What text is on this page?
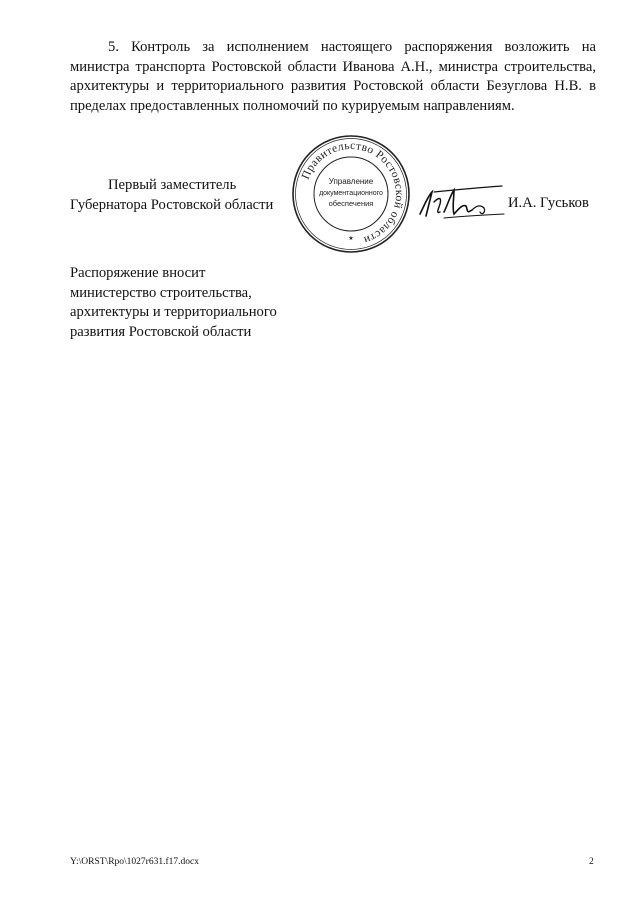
5. Контроль за исполнением настоящего распоряжения возложить на министра транспорта Ростовской области Иванова А.Н., министра строительства, архитектуры и территориального развития Ростовской области Безуглова Н.В. в пределах предоставленных полномочий по курируемым направлениям.

Первый заместитель
Губернатора Ростовской области
Правительство Ростовской области
Управление
документационного
обеспечения
★
И.А. Гуськов
Распоряжение вносит
министерство строительства,
архитектуры и территориального
развития Ростовской области
Y:\ORST\Rpo\1027r631.f17.docx	2
